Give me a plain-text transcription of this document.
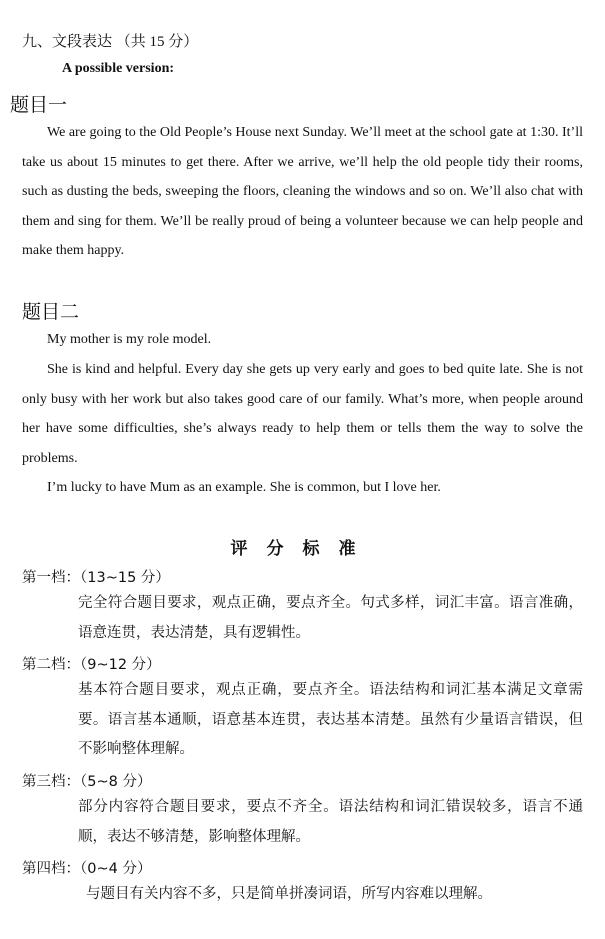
九、文段表达 （共 15 分）
A possible version:
题目一
We are going to the Old People’s House next Sunday. We’ll meet at the school gate at 1:30. It’ll take us about 15 minutes to get there. After we arrive, we’ll help the old people tidy their rooms, such as dusting the beds, sweeping the floors, cleaning the windows and so on. We’ll also chat with them and sing for them. We’ll be really proud of being a volunteer because we can help people and make them happy.
题目二
My mother is my role model.
She is kind and helpful. Every day she gets up very early and goes to bed quite late. She is not only busy with her work but also takes good care of our family. What’s more, when people around her have some difficulties, she’s always ready to help them or tells them the way to solve the problems.
I’m lucky to have Mum as an example. She is common, but I love her.
评分标准
第一档：（13~15 分）
完全符合题目要求，观点正确，要点齐全。句式多样，词汇丰富。语言准确，语意连贯，表达清楚，具有逻辑性。
第二档：（9~12 分）
基本符合题目要求，观点正确，要点齐全。语法结构和词汇基本满足文章需要。语言基本通顺，语意基本连贯，表达基本清楚。虽然有少量语言错误，但不影响整体理解。
第三档：（5~8 分）
部分内容符合题目要求，要点不齐全。语法结构和词汇错误较多，语言不通顺，表达不够清楚，影响整体理解。
第四档：（0~4 分）
与题目有关内容不多，只是简单拼凑词语，所写内容难以理解。
